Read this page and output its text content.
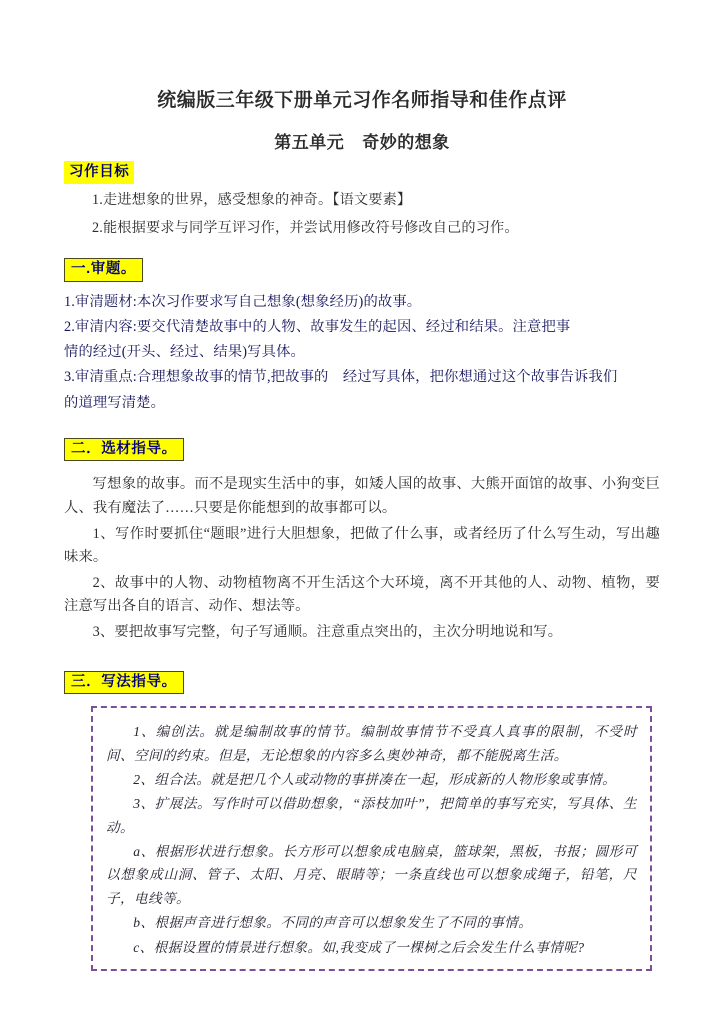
统编版三年级下册单元习作名师指导和佳作点评
第五单元 奇妙的想象
习作目标

1.走进想象的世界，感受想象的神奇。【语文要素】

2.能根据要求与同学互评习作，并尝试用修改符号修改自己的习作。

一.审题。

1.审清题材:本次习作要求写自己想象(想象经历)的故事。

2.审清内容:要交代清楚故事中的人物、故事发生的起因、经过和结果。注意把事

情的经过(开头、经过、结果)写具体。

3.审清重点:合理想象故事的情节,把故事的　经过写具体，把你想通过这个故事告诉我们

的道理写清楚。

二．选材指导。

写想象的故事。而不是现实生活中的事，如矮人国的故事、大熊开面馆的故事、小狗变巨人、我有魔法了……只要是你能想到的故事都可以。

1、写作时要抓住“题眼”进行大胆想象，把做了什么事，或者经历了什么写生动，写出趣味来。

2、故事中的人物、动物植物离不开生活这个大环境，离不开其他的人、动物、植物，要注意写出各自的语言、动作、想法等。

3、要把故事写完整，句子写通顺。注意重点突出的，主次分明地说和写。

三．写法指导。

1、编创法。就是编制故事的情节。编制故事情节不受真人真事的限制，不受时间、空间的约束。但是，无论想象的内容多么奥妙神奇，都不能脱离生活。

2、组合法。就是把几个人或动物的事拼凑在一起，形成新的人物形象或事情。

3、扩展法。写作时可以借助想象，“添枝加叶”，把简单的事写充实，写具体、生动。

a、根据形状进行想象。长方形可以想象成电脑桌，篮球架，黑板，书报；圆形可以想象成山洞、管子、太阳、月亮、眼睛等；一条直线也可以想象成绳子，铅笔，尺子，电线等。

b、根据声音进行想象。不同的声音可以想象发生了不同的事情。

c、根据设置的情景进行想象。如,我变成了一棵树之后会发生什么事情呢?
